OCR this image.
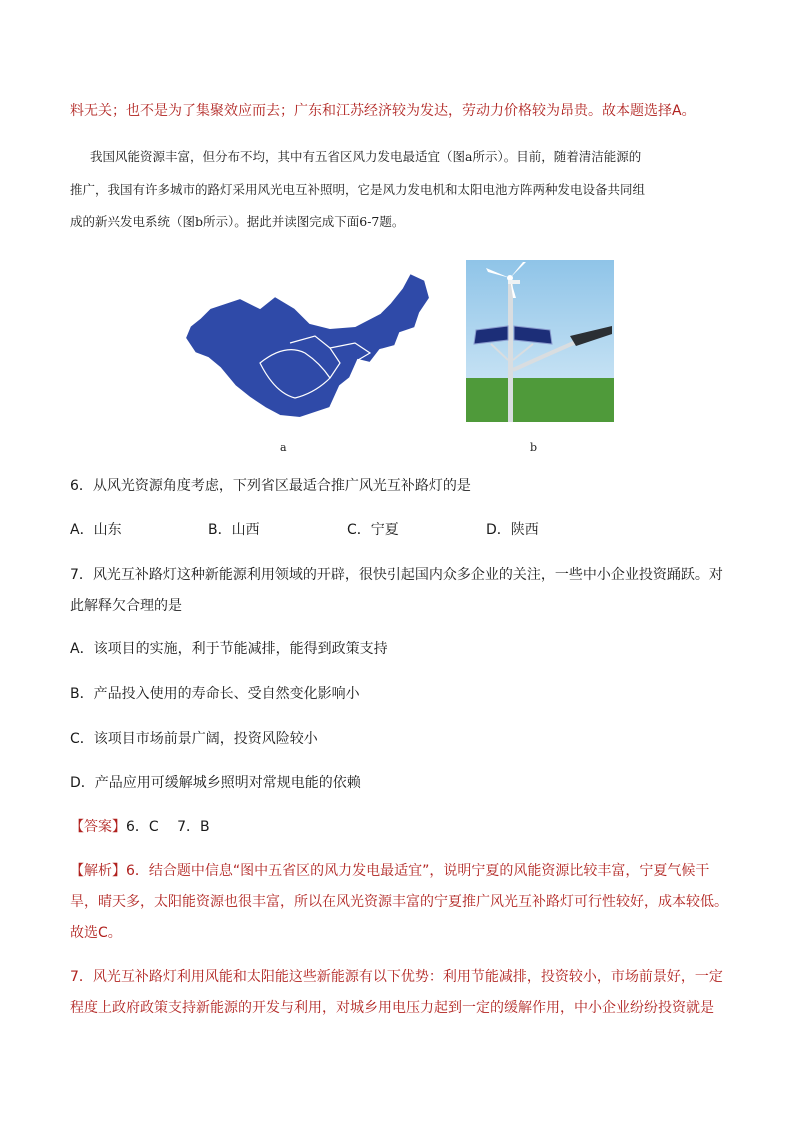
料无关；也不是为了集聚效应而去；广东和江苏经济较为发达，劳动力价格较为昂贵。故本题选择A。
我国风能资源丰富，但分布不均，其中有五省区风力发电最适宜（图a所示）。目前，随着清洁能源的
推广，我国有许多城市的路灯采用风光电互补照明，它是风力发电机和太阳电池方阵两种发电设备共同组
成的新兴发电系统（图b所示）。据此并读图完成下面6-7题。
a	b
6．从风光资源角度考虑，下列省区最适合推广风光互补路灯的是
A．山东	B．山西	C．宁夏	D．陕西
7．风光互补路灯这种新能源利用领域的开辟，很快引起国内众多企业的关注，一些中小企业投资踊跃。对
此解释欠合理的是
A．该项目的实施，利于节能减排，能得到政策支持
B．产品投入使用的寿命长、受自然变化影响小
C．该项目市场前景广阔，投资风险较小
D．产品应用可缓解城乡照明对常规电能的依赖
【答案】6．C　 7．B
【解析】6．结合题中信息“图中五省区的风力发电最适宜”，说明宁夏的风能资源比较丰富，宁夏气候干
旱，晴天多，太阳能资源也很丰富，所以在风光资源丰富的宁夏推广风光互补路灯可行性较好，成本较低。
故选C。
7．风光互补路灯利用风能和太阳能这些新能源有以下优势：利用节能减排，投资较小，市场前景好，一定
程度上政府政策支持新能源的开发与利用，对城乡用电压力起到一定的缓解作用，中小企业纷纷投资就是
